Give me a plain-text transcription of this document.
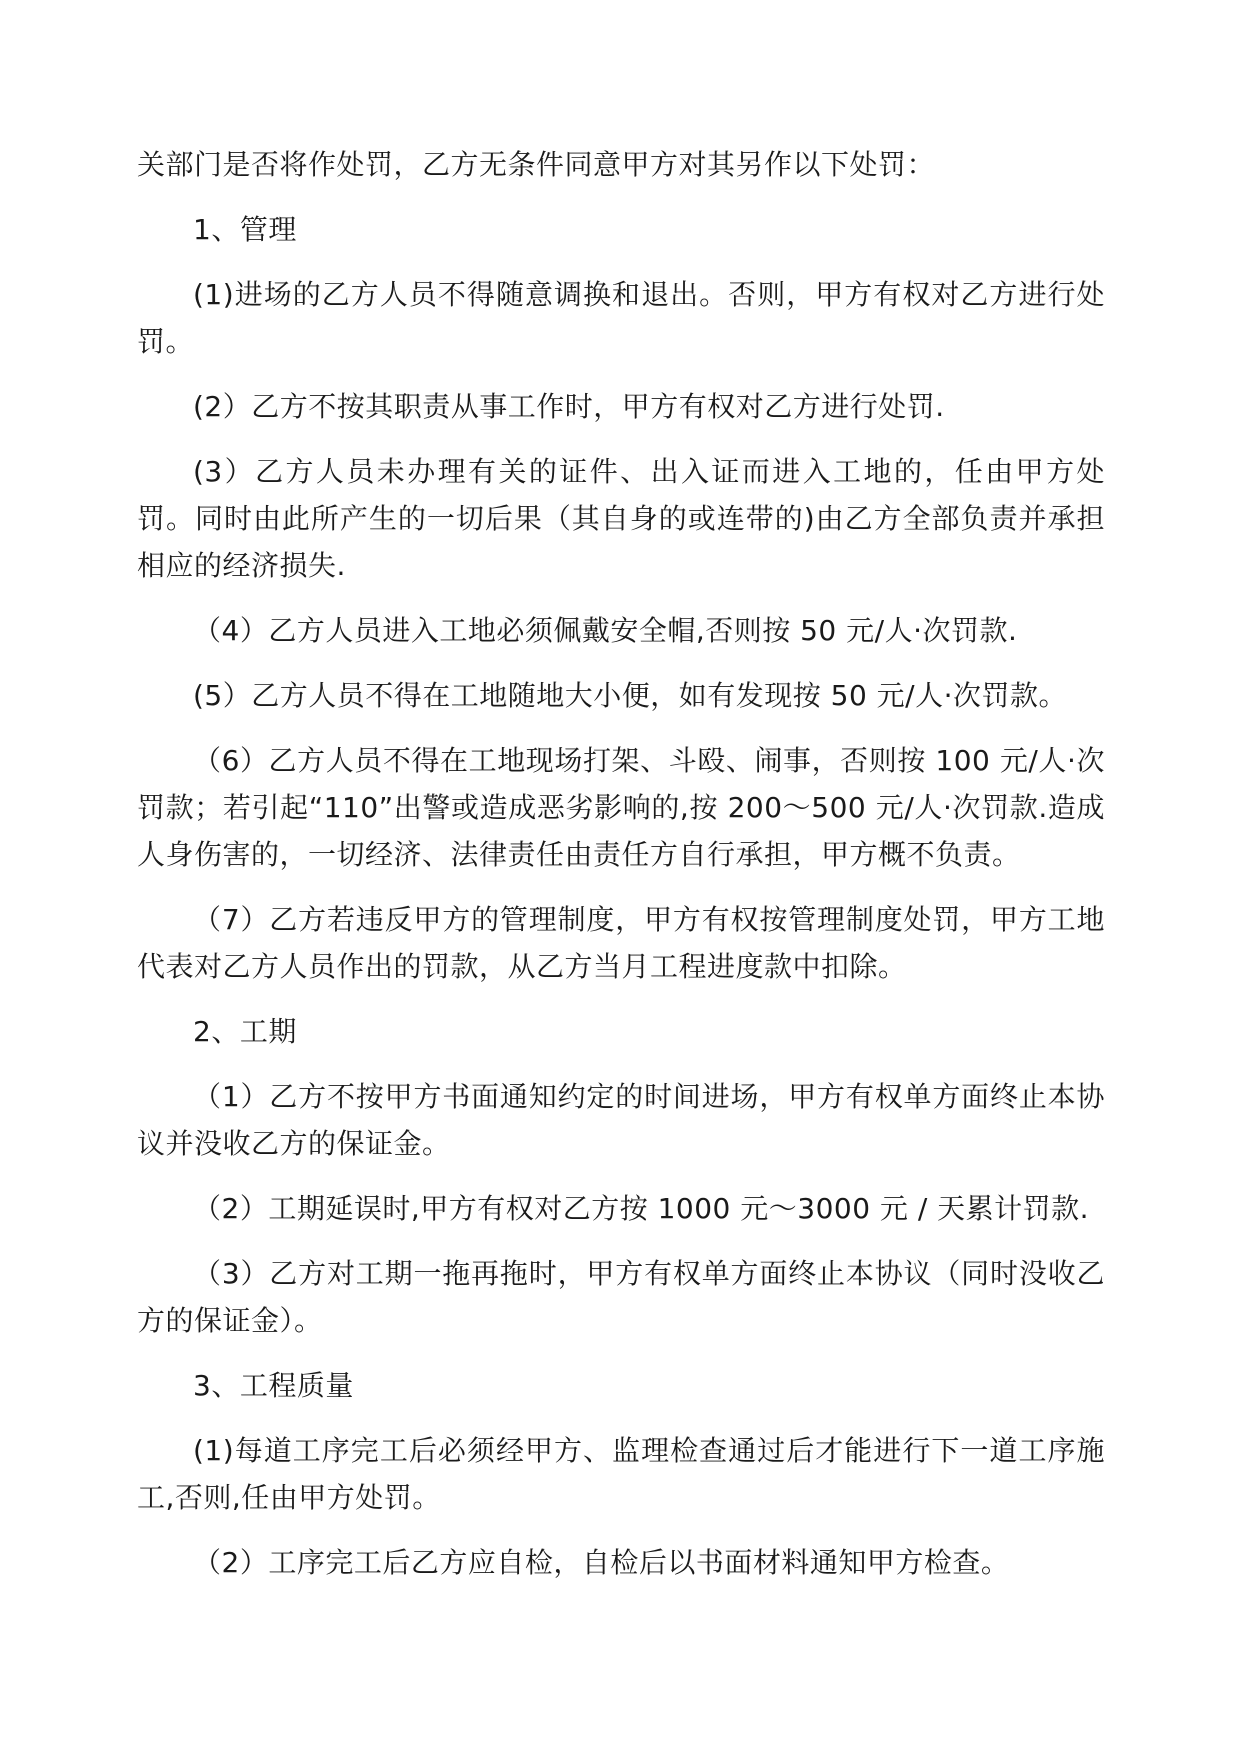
关部门是否将作处罚，乙方无条件同意甲方对其另作以下处罚：

1、管理

(1)进场的乙方人员不得随意调换和退出。否则，甲方有权对乙方进行处罚。

(2）乙方不按其职责从事工作时，甲方有权对乙方进行处罚.

(3）乙方人员未办理有关的证件、出入证而进入工地的，任由甲方处罚。同时由此所产生的一切后果（其自身的或连带的)由乙方全部负责并承担相应的经济损失.

（4）乙方人员进入工地必须佩戴安全帽,否则按 50 元/人·次罚款.

(5）乙方人员不得在工地随地大小便，如有发现按 50 元/人·次罚款。

（6）乙方人员不得在工地现场打架、斗殴、闹事，否则按 100 元/人·次罚款；若引起“110”出警或造成恶劣影响的,按 200～500 元/人·次罚款.造成人身伤害的，一切经济、法律责任由责任方自行承担，甲方概不负责。

（7）乙方若违反甲方的管理制度，甲方有权按管理制度处罚，甲方工地代表对乙方人员作出的罚款，从乙方当月工程进度款中扣除。

2、工期

（1）乙方不按甲方书面通知约定的时间进场，甲方有权单方面终止本协议并没收乙方的保证金。

（2）工期延误时,甲方有权对乙方按 1000 元～3000 元 / 天累计罚款.

（3）乙方对工期一拖再拖时，甲方有权单方面终止本协议（同时没收乙方的保证金）。

3、工程质量

(1)每道工序完工后必须经甲方、监理检查通过后才能进行下一道工序施工,否则,任由甲方处罚。

（2）工序完工后乙方应自检，自检后以书面材料通知甲方检查。
